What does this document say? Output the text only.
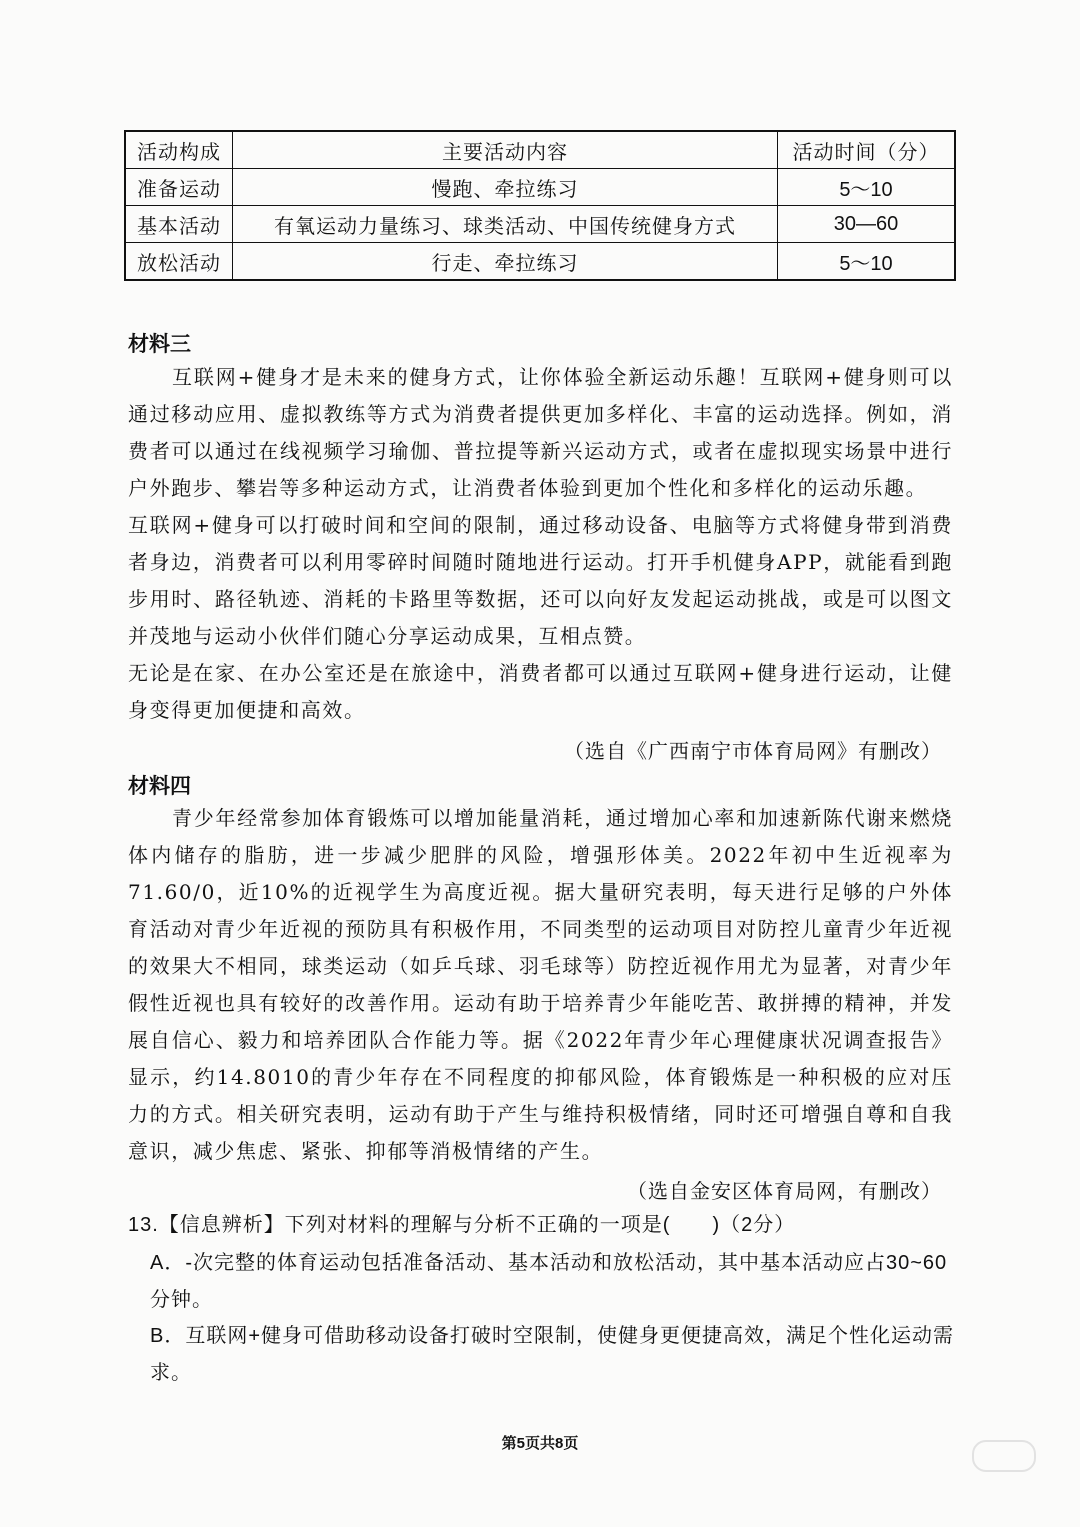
活动构成	主要活动内容	活动时间（分）
准备运动	慢跑、牵拉练习	5～10
基本活动	有氧运动力量练习、球类活动、中国传统健身方式	30—60
放松活动	行走、牵拉练习	5～10
材料三

互联网+健身才是未来的健身方式，让你体验全新运动乐趣！互联网+健身则可以通过移动应用、虚拟教练等方式为消费者提供更加多样化、丰富的运动选择。例如，消费者可以通过在线视频学习瑜伽、普拉提等新兴运动方式，或者在虚拟现实场景中进行户外跑步、攀岩等多种运动方式，让消费者体验到更加个性化和多样化的运动乐趣。

互联网+健身可以打破时间和空间的限制，通过移动设备、电脑等方式将健身带到消费者身边，消费者可以利用零碎时间随时随地进行运动。打开手机健身APP，就能看到跑步用时、路径轨迹、消耗的卡路里等数据，还可以向好友发起运动挑战，或是可以图文并茂地与运动小伙伴们随心分享运动成果，互相点赞。

无论是在家、在办公室还是在旅途中，消费者都可以通过互联网+健身进行运动，让健身变得更加便捷和高效。

（选自《广西南宁市体育局网》有删改）
材料四

青少年经常参加体育锻炼可以增加能量消耗，通过增加心率和加速新陈代谢来燃烧体内储存的脂肪，进一步减少肥胖的风险，增强形体美。2022年初中生近视率为71.60/0，近10%的近视学生为高度近视。据大量研究表明，每天进行足够的户外体育活动对青少年近视的预防具有积极作用，不同类型的运动项目对防控儿童青少年近视的效果大不相同，球类运动（如乒乓球、羽毛球等）防控近视作用尤为显著，对青少年假性近视也具有较好的改善作用。运动有助于培养青少年能吃苦、敢拼搏的精神，并发展自信心、毅力和培养团队合作能力等。据《2022年青少年心理健康状况调查报告》显示，约14.8010的青少年存在不同程度的抑郁风险，体育锻炼是一种积极的应对压力的方式。相关研究表明，运动有助于产生与维持积极情绪，同时还可增强自尊和自我意识，减少焦虑、紧张、抑郁等消极情绪的产生。

（选自金安区体育局网，有删改）

13.【信息辨析】下列对材料的理解与分析不正确的一项是(　　)（2分）

A．-次完整的体育运动包括准备活动、基本活动和放松活动，其中基本活动应占30~60分钟。

B．互联网+健身可借助移动设备打破时空限制，使健身更便捷高效，满足个性化运动需求。

第5页共8页
